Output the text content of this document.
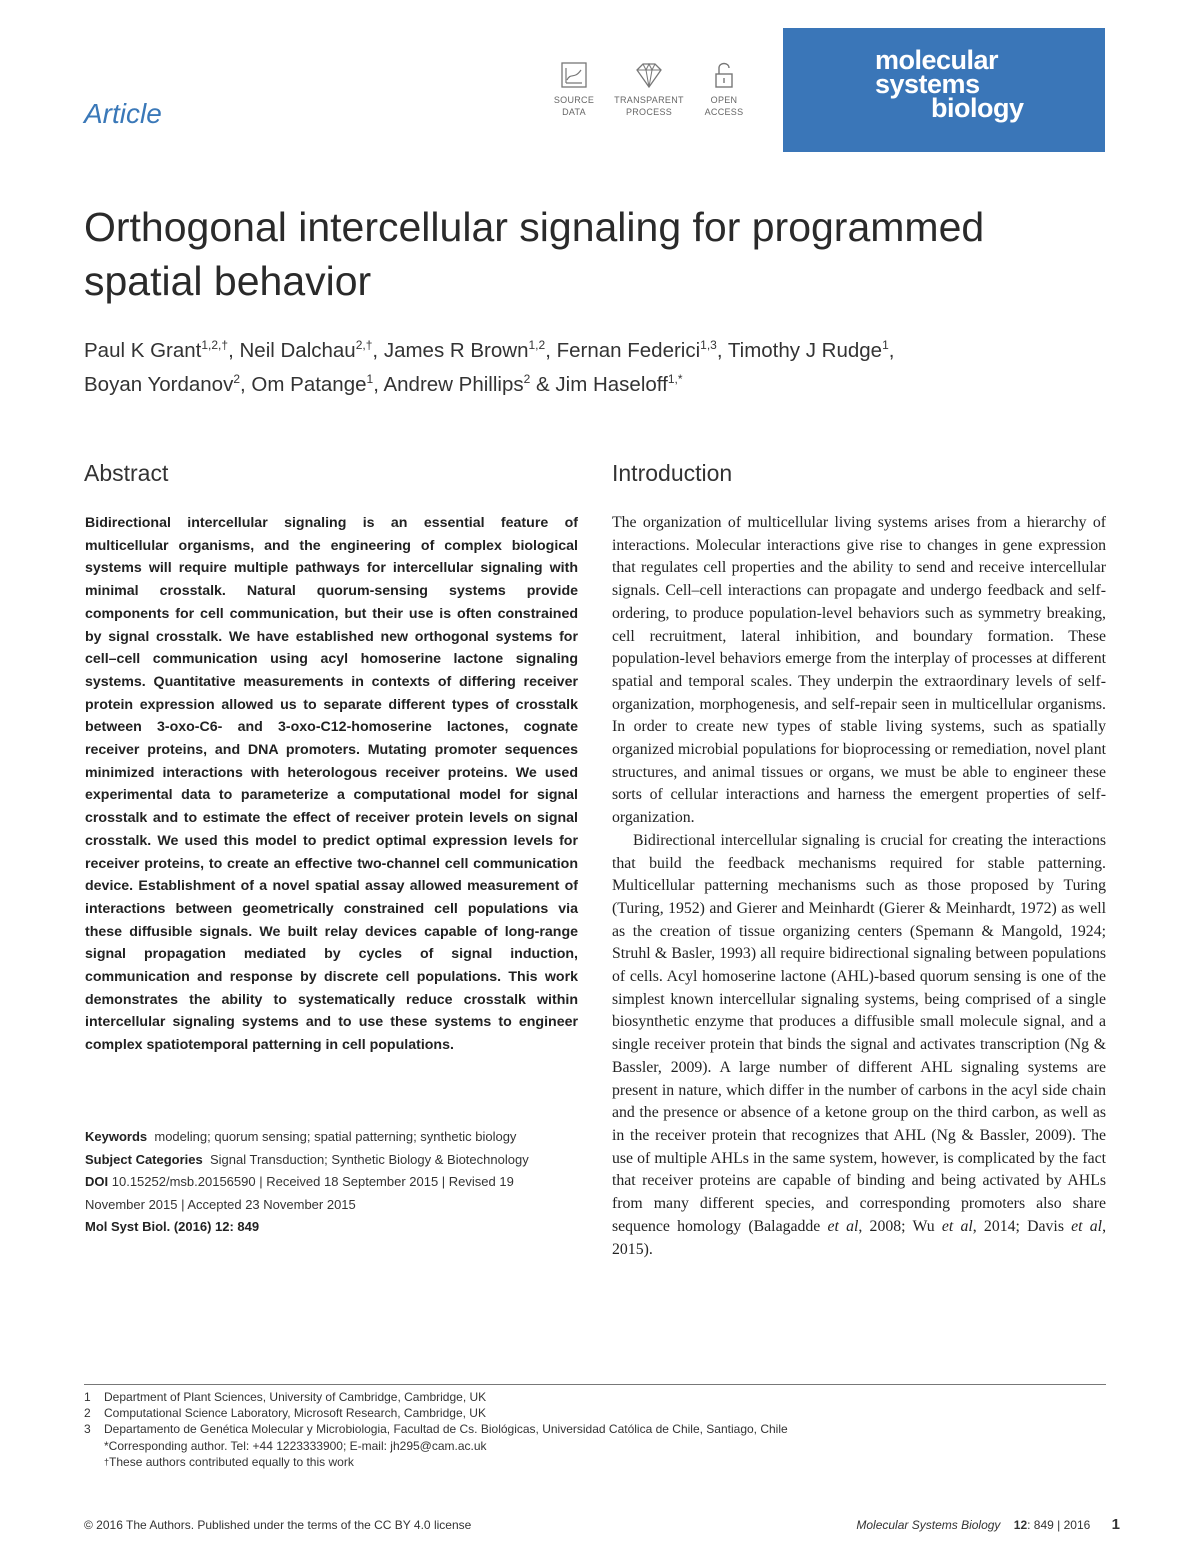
Article	SOURCE
DATA
TRANSPARENT
PROCESS
OPEN
ACCESS
molecular
systems
biology
Orthogonal intercellular signaling for programmed spatial behavior
Paul K Grant$^{1,2,\dagger}$, Neil Dalchau$^{2,\dagger}$, James R Brown$^{1,2}$, Fernan Federici$^{1,3}$, Timothy J Rudge$^1$,
Boyan Yordanov$^2$, Om Patange$^1$, Andrew Phillips$^2$ & Jim Haseloff$^{1,*}$
Abstract
Bidirectional intercellular signaling is an essential feature of multicellular organisms, and the engineering of complex biological systems will require multiple pathways for intercellular signaling with minimal crosstalk. Natural quorum-sensing systems provide components for cell communication, but their use is often constrained by signal crosstalk. We have established new orthogonal systems for cell–cell communication using acyl homoserine lactone signaling systems. Quantitative measurements in contexts of differing receiver protein expression allowed us to separate different types of crosstalk between 3-oxo-C6- and 3-oxo-C12-homoserine lactones, cognate receiver proteins, and DNA promoters. Mutating promoter sequences minimized interactions with heterologous receiver proteins. We used experimental data to parameterize a computational model for signal crosstalk and to estimate the effect of receiver protein levels on signal crosstalk. We used this model to predict optimal expression levels for receiver proteins, to create an effective two-channel cell communication device. Establishment of a novel spatial assay allowed measurement of interactions between geometrically constrained cell populations via these diffusible signals. We built relay devices capable of long-range signal propagation mediated by cycles of signal induction, communication and response by discrete cell populations. This work demonstrates the ability to systematically reduce crosstalk within intercellular signaling systems and to use these systems to engineer complex spatiotemporal patterning in cell populations.
Keywords modeling; quorum sensing; spatial patterning; synthetic biology
Subject Categories Signal Transduction; Synthetic Biology & Biotechnology
DOI 10.15252/msb.20156590 | Received 18 September 2015 | Revised 19
November 2015 | Accepted 23 November 2015
Mol Syst Biol. (2016) 12: 849
Introduction

The organization of multicellular living systems arises from a hierarchy of interactions. Molecular interactions give rise to changes in gene expression that regulates cell properties and the ability to send and receive intercellular signals. Cell–cell interactions can propagate and undergo feedback and self-ordering, to produce population-level behaviors such as symmetry breaking, cell recruitment, lateral inhibition, and boundary formation. These population-level behaviors emerge from the interplay of processes at different spatial and temporal scales. They underpin the extraordinary levels of self-organization, morphogenesis, and self-repair seen in multicellular organisms. In order to create new types of stable living systems, such as spatially organized microbial populations for bioprocessing or remediation, novel plant structures, and animal tissues or organs, we must be able to engineer these sorts of cellular interactions and harness the emergent properties of self-organization.

Bidirectional intercellular signaling is crucial for creating the interactions that build the feedback mechanisms required for stable patterning. Multicellular patterning mechanisms such as those proposed by Turing (Turing, 1952) and Gierer and Meinhardt (Gierer & Meinhardt, 1972) as well as the creation of tissue organizing centers (Spemann & Mangold, 1924; Struhl & Basler, 1993) all require bidirectional signaling between populations of cells. Acyl homoserine lactone (AHL)-based quorum sensing is one of the simplest known intercellular signaling systems, being comprised of a single biosynthetic enzyme that produces a diffusible small molecule signal, and a single receiver protein that binds the signal and activates transcription (Ng & Bassler, 2009). A large number of different AHL signaling systems are present in nature, which differ in the number of carbons in the acyl side chain and the presence or absence of a ketone group on the third carbon, as well as in the receiver protein that recognizes that AHL (Ng & Bassler, 2009). The use of multiple AHLs in the same system, however, is complicated by the fact that receiver proteins are capable of binding and being activated by AHLs from many different species, and corresponding promoters also share sequence homology (Balagadde et al, 2008; Wu et al, 2014; Davis et al, 2015).

1	Department of Plant Sciences, University of Cambridge, Cambridge, UK
2	Computational Science Laboratory, Microsoft Research, Cambridge, UK
3	Departamento de Genética Molecular y Microbiologia, Facultad de Cs. Biológicas, Universidad Católica de Chile, Santiago, Chile
*Corresponding author. Tel: +44 1223333900; E-mail: jh295@cam.ac.uk
† These authors contributed equally to this work
© 2016 The Authors. Published under the terms of the CC BY 4.0 license	Molecular Systems Biology 12: 849 | 2016 1
